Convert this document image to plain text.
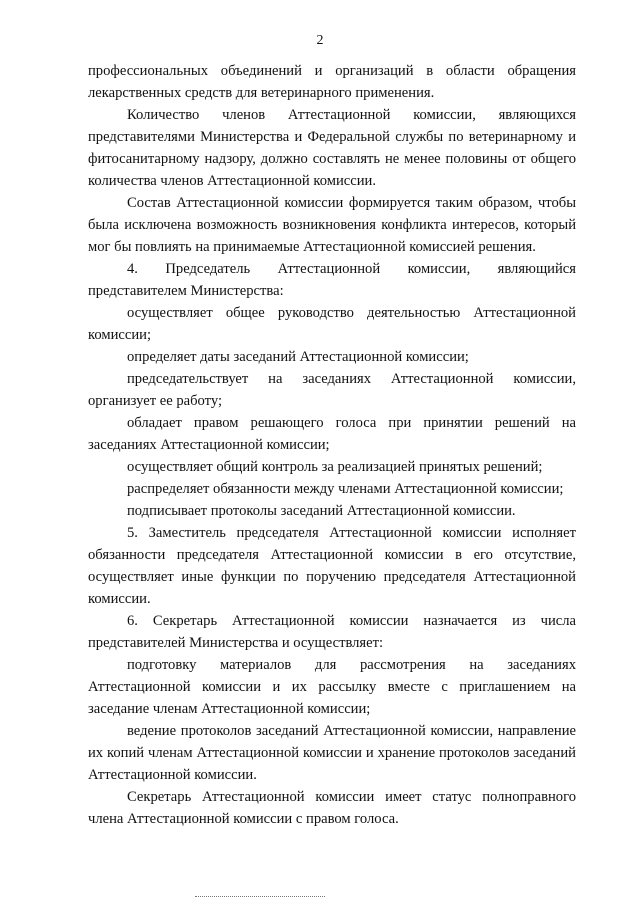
2

профессиональных объединений и организаций в области обращения лекарственных средств для ветеринарного применения.

Количество членов Аттестационной комиссии, являющихся представителями Министерства и Федеральной службы по ветеринарному и фитосанитарному надзору, должно составлять не менее половины от общего количества членов Аттестационной комиссии.

Состав Аттестационной комиссии формируется таким образом, чтобы была исключена возможность возникновения конфликта интересов, который мог бы повлиять на принимаемые Аттестационной комиссией решения.

4. Председатель Аттестационной комиссии, являющийся представителем Министерства:

осуществляет общее руководство деятельностью Аттестационной комиссии;

определяет даты заседаний Аттестационной комиссии;

председательствует на заседаниях Аттестационной комиссии, организует ее работу;

обладает правом решающего голоса при принятии решений на заседаниях Аттестационной комиссии;

осуществляет общий контроль за реализацией принятых решений;

распределяет обязанности между членами Аттестационной комиссии;

подписывает протоколы заседаний Аттестационной комиссии.

5. Заместитель председателя Аттестационной комиссии исполняет обязанности председателя Аттестационной комиссии в его отсутствие, осуществляет иные функции по поручению председателя Аттестационной комиссии.

6. Секретарь Аттестационной комиссии назначается из числа представителей Министерства и осуществляет:

подготовку материалов для рассмотрения на заседаниях Аттестационной комиссии и их рассылку вместе с приглашением на заседание членам Аттестационной комиссии;

ведение протоколов заседаний Аттестационной комиссии, направление их копий членам Аттестационной комиссии и хранение протоколов заседаний Аттестационной комиссии.

Секретарь Аттестационной комиссии имеет статус полноправного члена Аттестационной комиссии с правом голоса.
